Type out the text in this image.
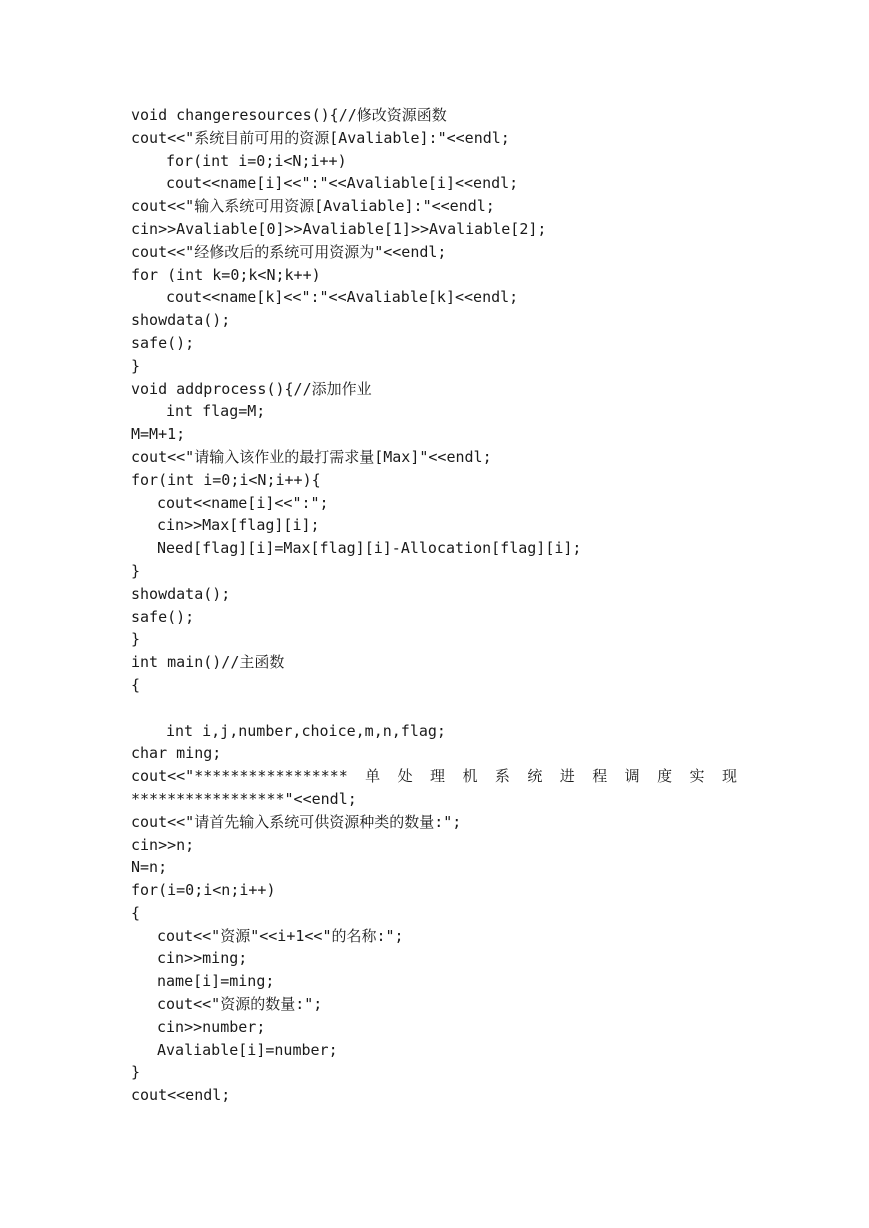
void changeresources(){//修改资源函数
cout<<"系统目前可用的资源[Avaliable]:"<<endl;
for(int i=0;i<N;i++)
cout<<name[i]<<":"<<Avaliable[i]<<endl;
cout<<"输入系统可用资源[Avaliable]:"<<endl;
cin>>Avaliable[0]>>Avaliable[1]>>Avaliable[2];
cout<<"经修改后的系统可用资源为"<<endl;
for (int k=0;k<N;k++)
cout<<name[k]<<":"<<Avaliable[k]<<endl;
showdata();
safe();
}
void addprocess(){//添加作业
int flag=M;
M=M+1;
cout<<"请输入该作业的最打需求量[Max]"<<endl;
for(int i=0;i<N;i++){
cout<<name[i]<<":";
cin>>Max[flag][i];
Need[flag][i]=Max[flag][i]-Allocation[flag][i];
}
showdata();
safe();
}
int main()//主函数
{
int i,j,number,choice,m,n,flag;
char ming;
cout<<"***************** 单 处 理 机 系 统 进 程 调 度 实 现
*****************"<<endl;
cout<<"请首先输入系统可供资源种类的数量:";
cin>>n;
N=n;
for(i=0;i<n;i++)
{
cout<<"资源"<<i+1<<"的名称:";
cin>>ming;
name[i]=ming;
cout<<"资源的数量:";
cin>>number;
Avaliable[i]=number;
}
cout<<endl;
